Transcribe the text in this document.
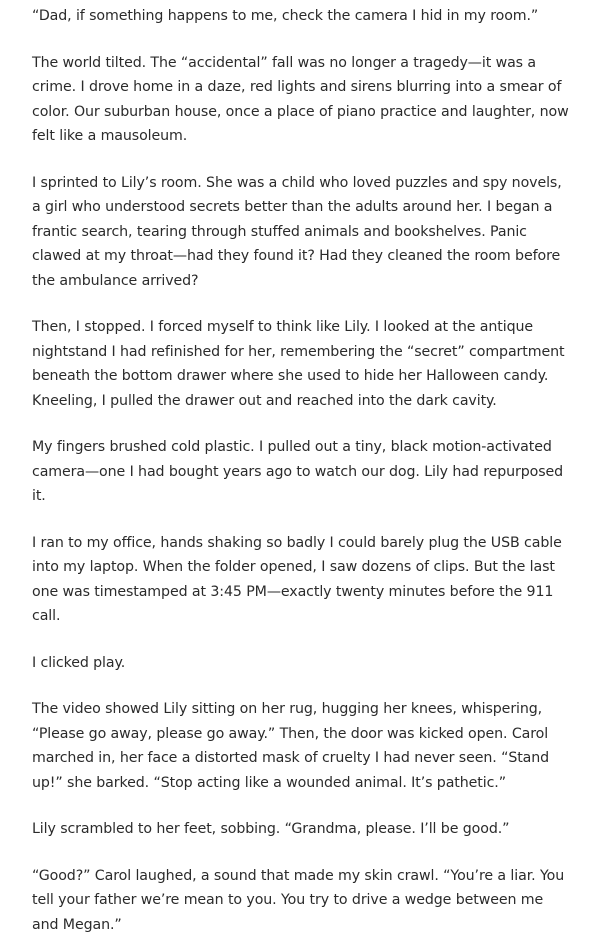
“Dad, if something happens to me, check the camera I hid in my room.”

The world tilted. The “accidental” fall was no longer a tragedy—it was a crime. I drove home in a daze, red lights and sirens blurring into a smear of color. Our suburban house, once a place of piano practice and laughter, now felt like a mausoleum.

I sprinted to Lily’s room. She was a child who loved puzzles and spy novels, a girl who understood secrets better than the adults around her. I began a frantic search, tearing through stuffed animals and bookshelves. Panic clawed at my throat—had they found it? Had they cleaned the room before the ambulance arrived?

Then, I stopped. I forced myself to think like Lily. I looked at the antique nightstand I had refinished for her, remembering the “secret” compartment beneath the bottom drawer where she used to hide her Halloween candy. Kneeling, I pulled the drawer out and reached into the dark cavity.

My fingers brushed cold plastic. I pulled out a tiny, black motion-activated camera—one I had bought years ago to watch our dog. Lily had repurposed it.

I ran to my office, hands shaking so badly I could barely plug the USB cable into my laptop. When the folder opened, I saw dozens of clips. But the last one was timestamped at 3:45 PM—exactly twenty minutes before the 911 call.

I clicked play.

The video showed Lily sitting on her rug, hugging her knees, whispering, “Please go away, please go away.” Then, the door was kicked open. Carol marched in, her face a distorted mask of cruelty I had never seen. “Stand up!” she barked. “Stop acting like a wounded animal. It’s pathetic.”

Lily scrambled to her feet, sobbing. “Grandma, please. I’ll be good.”

“Good?” Carol laughed, a sound that made my skin crawl. “You’re a liar. You tell your father we’re mean to you. You try to drive a wedge between me and Megan.”
